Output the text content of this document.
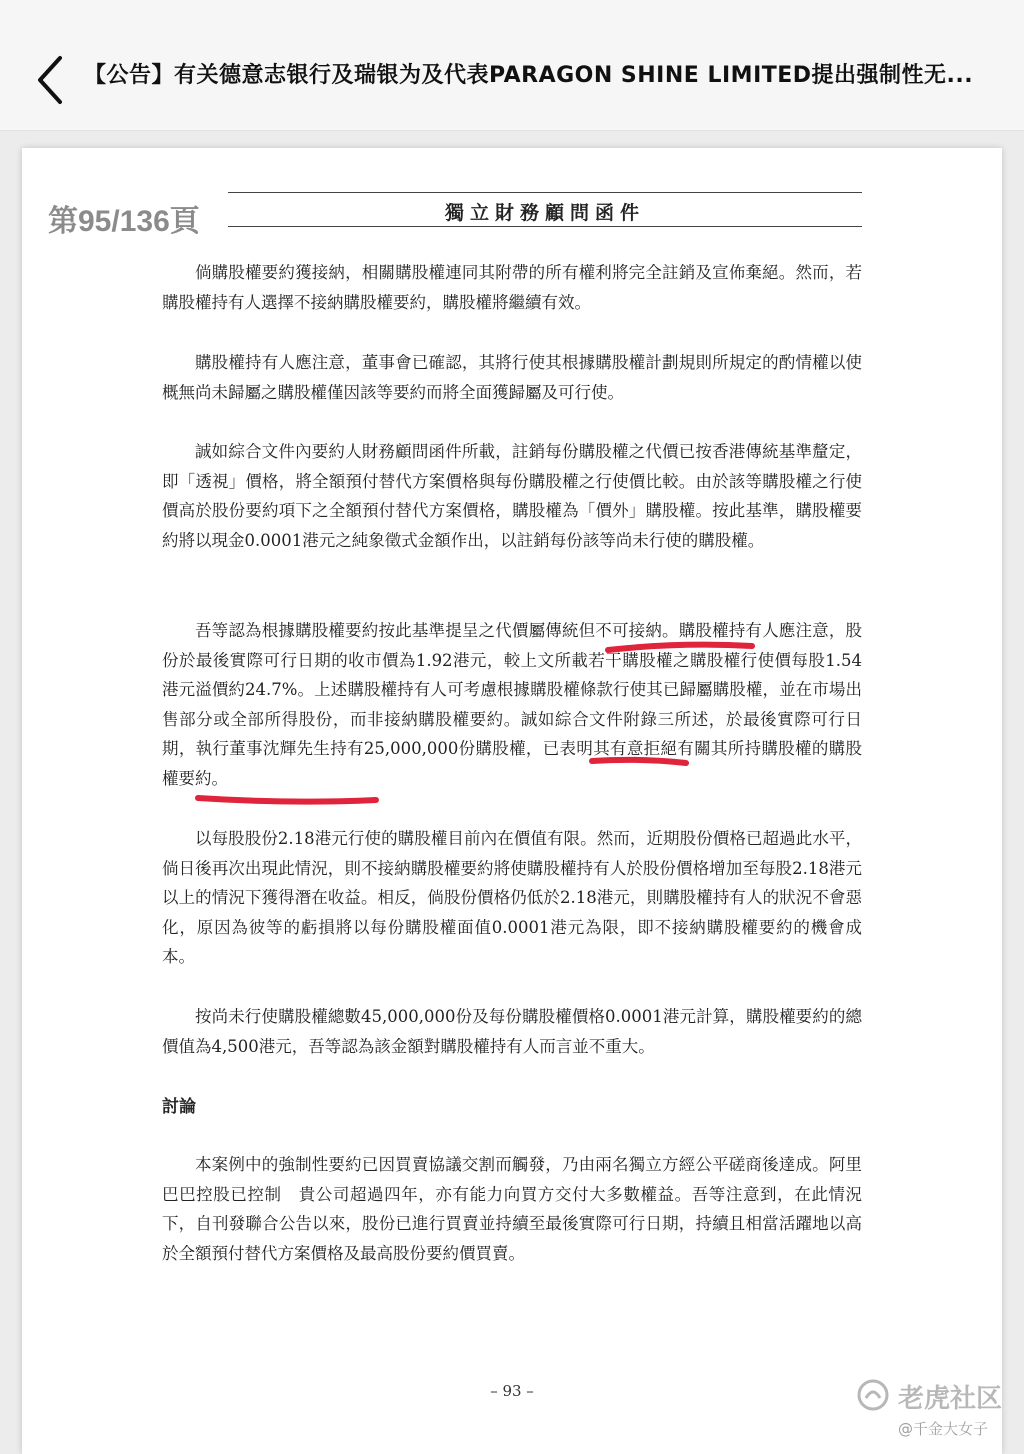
【公告】有关德意志银行及瑞银为及代表PARAGON SHINE LIMITED提出强制性无...
獨立財務顧問函件
第95/136頁

倘購股權要約獲接納，相關購股權連同其附帶的所有權利將完全註銷及宣佈棄絕。然而，若購股權持有人選擇不接納購股權要約，購股權將繼續有效。

購股權持有人應注意，董事會已確認，其將行使其根據購股權計劃規則所規定的酌情權以使概無尚未歸屬之購股權僅因該等要約而將全面獲歸屬及可行使。

誠如綜合文件內要約人財務顧問函件所載，註銷每份購股權之代價已按香港傳統基準釐定，即「透視」價格，將全額預付替代方案價格與每份購股權之行使價比較。由於該等購股權之行使價高於股份要約項下之全額預付替代方案價格，購股權為「價外」購股權。按此基準，購股權要約將以現金0.0001港元之純象徵式金額作出，以註銷每份該等尚未行使的購股權。

吾等認為根據購股權要約按此基準提呈之代價屬傳統但不可接納。購股權持有人應注意，股份於最後實際可行日期的收市價為1.92港元，較上文所載若干購股權之購股權行使價每股1.54港元溢價約24.7%。上述購股權持有人可考慮根據購股權條款行使其已歸屬購股權，並在市場出售部分或全部所得股份，而非接納購股權要約。誠如綜合文件附錄三所述，於最後實際可行日期，執行董事沈輝先生持有25,000,000份購股權，已表明其有意拒絕有關其所持購股權的購股權要約。

以每股股份2.18港元行使的購股權目前內在價值有限。然而，近期股份價格已超過此水平，倘日後再次出現此情況，則不接納購股權要約將使購股權持有人於股份價格增加至每股2.18港元以上的情況下獲得潛在收益。相反，倘股份價格仍低於2.18港元，則購股權持有人的狀況不會惡化，原因為彼等的虧損將以每份購股權面值0.0001港元為限，即不接納購股權要約的機會成本。

按尚未行使購股權總數45,000,000份及每份購股權價格0.0001港元計算，購股權要約的總價值為4,500港元，吾等認為該金額對購股權持有人而言並不重大。

討論

本案例中的強制性要約已因買賣協議交割而觸發，乃由兩名獨立方經公平磋商後達成。阿里巴巴控股已控制　貴公司超過四年，亦有能力向買方交付大多數權益。吾等注意到，在此情況下，自刊發聯合公告以來，股份已進行買賣並持續至最後實際可行日期，持續且相當活躍地以高於全額預付替代方案價格及最高股份要約價買賣。

– 93 –	老虎社区
@千金大女子
